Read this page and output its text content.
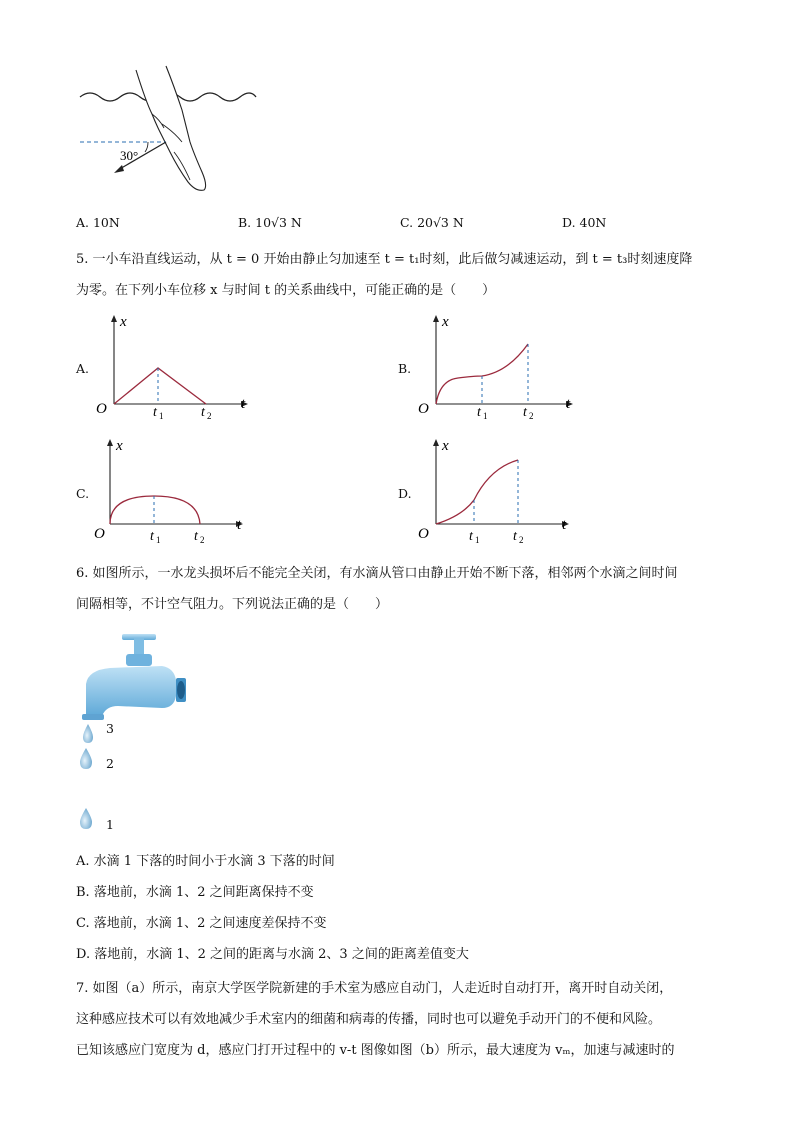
30°
A. 10N	B. 10√3 N	C. 20√3 N	D. 40N
5. 一小车沿直线运动，从 t = 0 开始由静止匀加速至 t = t₁时刻，此后做匀减速运动，到 t = t₃时刻速度降
为零。在下列小车位移 x 与时间 t 的关系曲线中，可能正确的是（　　）
A.
x
t
O	t 1	t 2
B.
x
t
O	t 1	t 2
C.
x
t
O	t 1 t 2
D.
x
t
O	t 1 t 2
6. 如图所示，一水龙头损坏后不能完全关闭，有水滴从管口由静止开始不断下落，相邻两个水滴之间时间
间隔相等，不计空气阻力。下列说法正确的是（　　）
3
2
1
A. 水滴 1 下落的时间小于水滴 3 下落的时间
B. 落地前，水滴 1、2 之间距离保持不变
C. 落地前，水滴 1、2 之间速度差保持不变
D. 落地前，水滴 1、2 之间的距离与水滴 2、3 之间的距离差值变大
7. 如图（a）所示，南京大学医学院新建的手术室为感应自动门，人走近时自动打开，离开时自动关闭，
这种感应技术可以有效地减少手术室内的细菌和病毒的传播，同时也可以避免手动开门的不便和风险。
已知该感应门宽度为 d，感应门打开过程中的 v-t 图像如图（b）所示，最大速度为 vₘ，加速与减速时的
